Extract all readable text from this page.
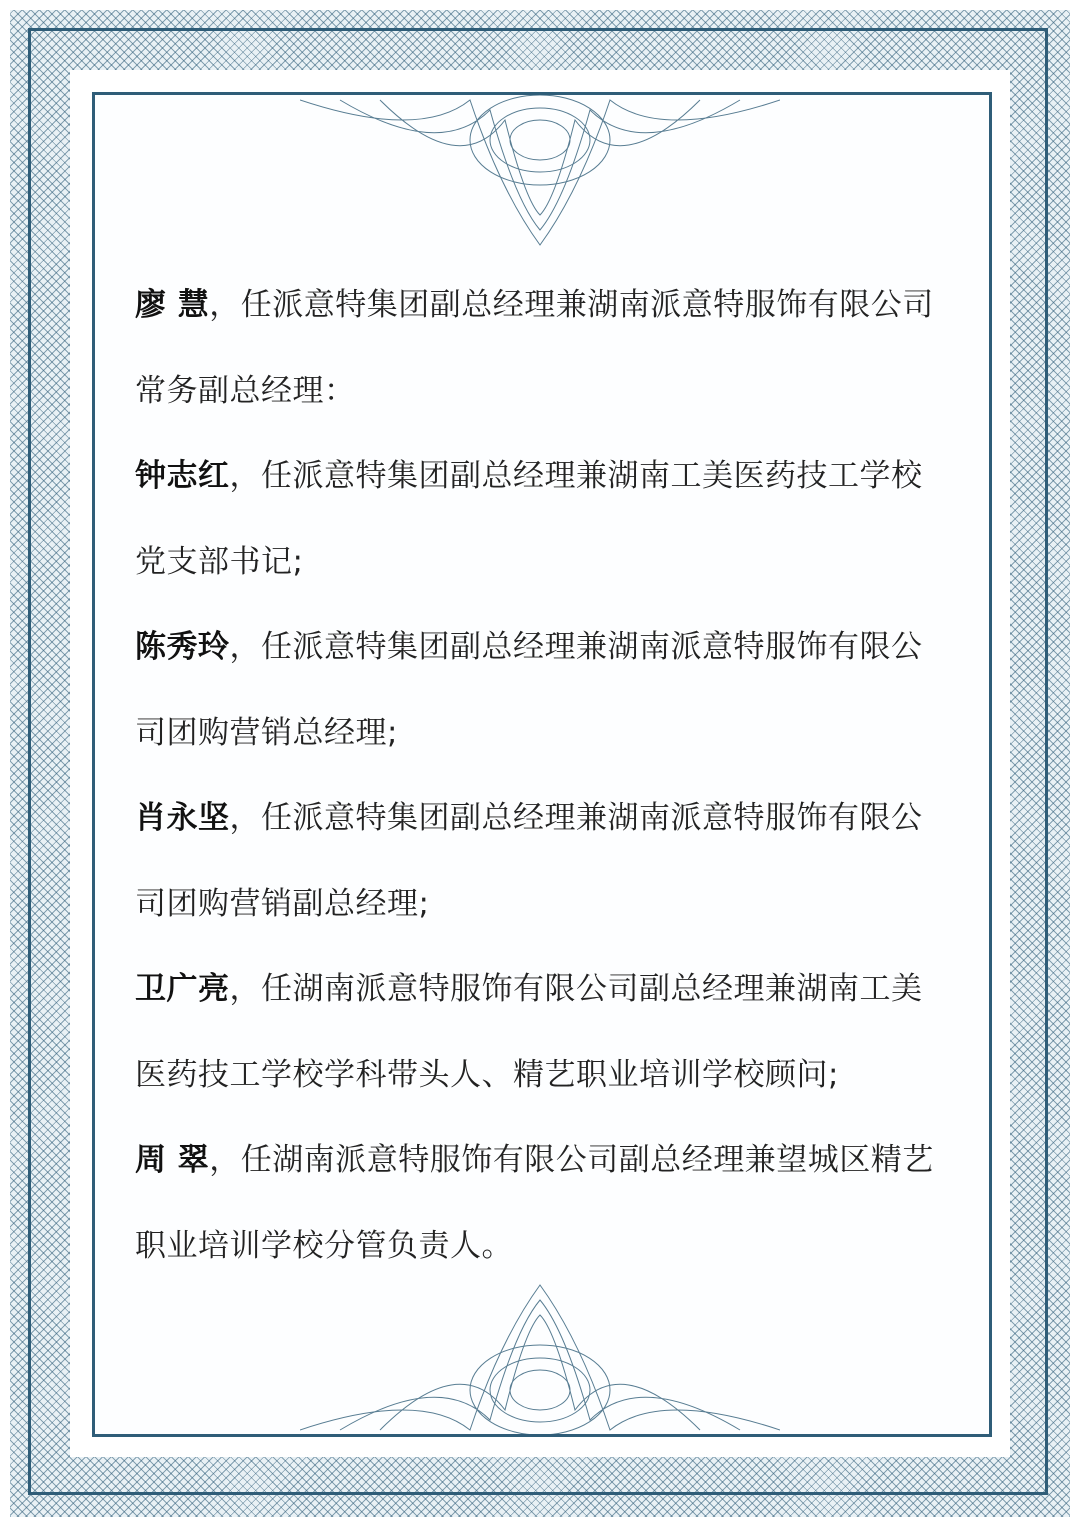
廖 慧，任派意特集团副总经理兼湖南派意特服饰有限公司
常务副总经理：
钟志红，任派意特集团副总经理兼湖南工美医药技工学校
党支部书记;
陈秀玲，任派意特集团副总经理兼湖南派意特服饰有限公
司团购营销总经理;
肖永坚，任派意特集团副总经理兼湖南派意特服饰有限公
司团购营销副总经理;
卫广亮，任湖南派意特服饰有限公司副总经理兼湖南工美
医药技工学校学科带头人、精艺职业培训学校顾问;
周 翠，任湖南派意特服饰有限公司副总经理兼望城区精艺
职业培训学校分管负责人。
